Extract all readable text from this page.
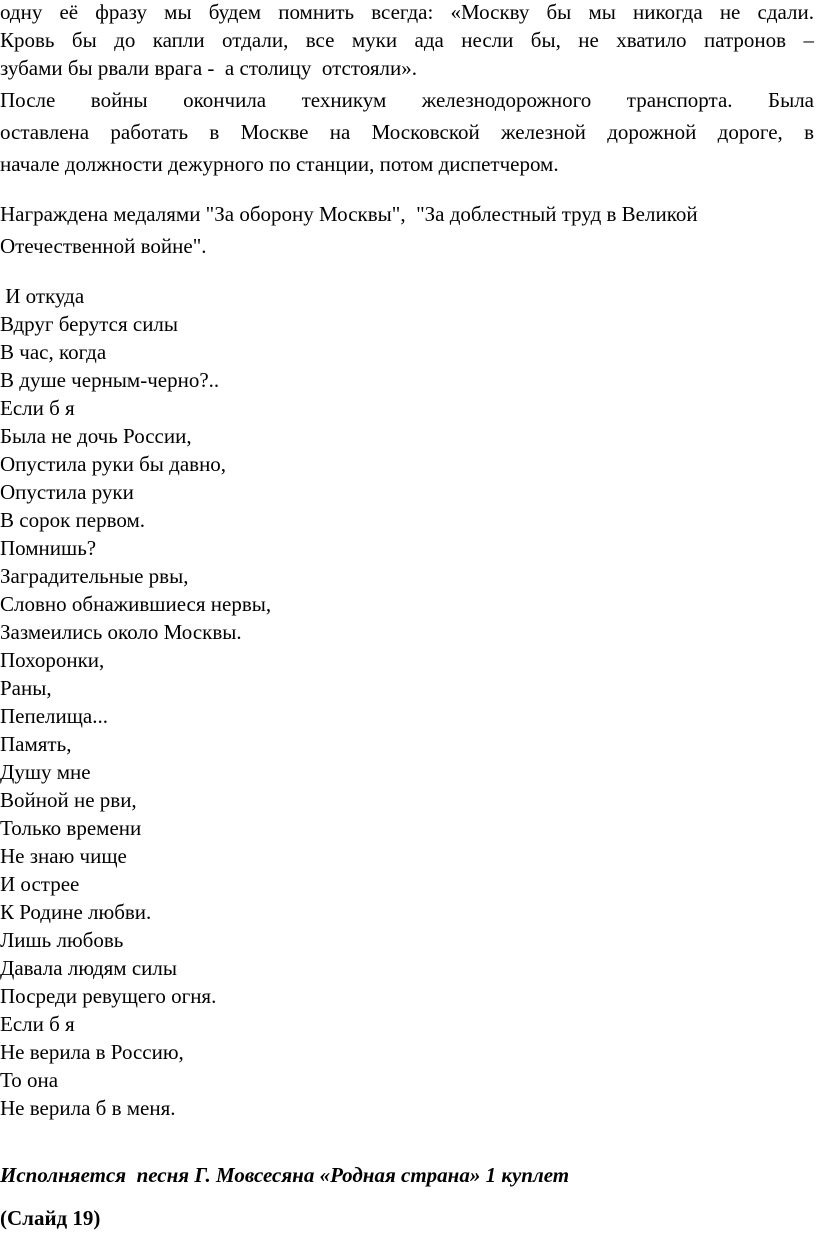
одну её фразу мы будем помнить всегда: «Москву бы мы никогда не сдали.
Кровь бы до капли отдали, все муки ада несли бы, не хватило патронов –
зубами бы рвали врага -  а столицу  отстояли».
После войны окончила техникум железнодорожного транспорта. Была
оставлена работать в Москве на Московской железной дорожной дороге, в
начале должности дежурного по станции, потом диспетчером.
Награждена медалями "За оборону Москвы",  "За доблестный труд в Великой
Отечественной войне".
И откуда
Вдруг берутся силы
В час, когда
В душе черным-черно?..
Если б я
Была не дочь России,
Опустила руки бы давно,
Опустила руки
В сорок первом.
Помнишь?
Заградительные рвы,
Словно обнажившиеся нервы,
Зазмеились около Москвы.
Похоронки,
Раны,
Пепелища...
Память,
Душу мне
Войной не рви,
Только времени
Не знаю чище
И острее
К Родине любви.
Лишь любовь
Давала людям силы
Посреди ревущего огня.
Если б я
Не верила в Россию,
То она
Не верила б в меня.
Исполняется  песня Г. Мовсесяна «Родная страна» 1 куплет
(Слайд 19)
